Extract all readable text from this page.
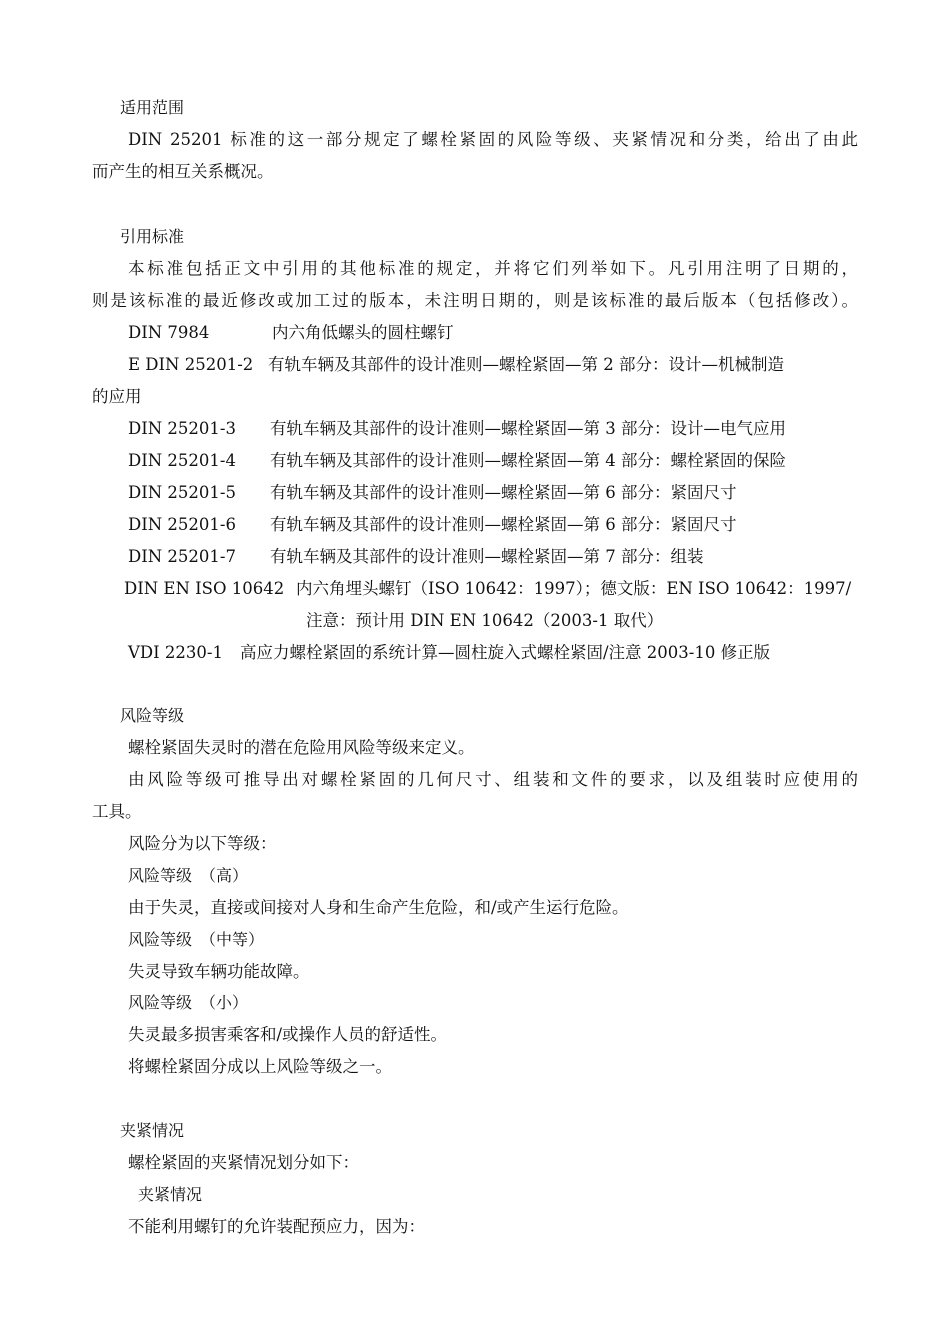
适用范围
DIN 25201 标准的这一部分规定了螺栓紧固的风险等级、夹紧情况和分类，给出了由此
而产生的相互关系概况。
引用标准
本标准包括正文中引用的其他标准的规定，并将它们列举如下。凡引用注明了日期的，
则是该标准的最近修改或加工过的版本，未注明日期的，则是该标准的最后版本（包括修改）。
DIN 7984	内六角低螺头的圆柱螺钉
E DIN 25201-2 有轨车辆及其部件的设计准则—螺栓紧固—第 2 部分：设计—机械制造
的应用
DIN 25201-3 有轨车辆及其部件的设计准则—螺栓紧固—第 3 部分：设计—电气应用
DIN 25201-4 有轨车辆及其部件的设计准则—螺栓紧固—第 4 部分：螺栓紧固的保险
DIN 25201-5 有轨车辆及其部件的设计准则—螺栓紧固—第 6 部分：紧固尺寸
DIN 25201-6 有轨车辆及其部件的设计准则—螺栓紧固—第 6 部分：紧固尺寸
DIN 25201-7 有轨车辆及其部件的设计准则—螺栓紧固—第 7 部分：组装
DIN EN ISO 10642 内六角埋头螺钉（ISO 10642：1997）；德文版：EN ISO 10642：1997/
注意：预计用 DIN EN 10642（2003-1 取代）
VDI 2230-1 高应力螺栓紧固的系统计算—圆柱旋入式螺栓紧固/注意 2003-10 修正版
风险等级
螺栓紧固失灵时的潜在危险用风险等级来定义。
由风险等级可推导出对螺栓紧固的几何尺寸、组装和文件的要求，以及组装时应使用的
工具。
风险分为以下等级：
风险等级　（高）
由于失灵，直接或间接对人身和生命产生危险，和/或产生运行危险。
风险等级　（中等）
失灵导致车辆功能故障。
风险等级　（小）
失灵最多损害乘客和/或操作人员的舒适性。
将螺栓紧固分成以上风险等级之一。
夹紧情况
螺栓紧固的夹紧情况划分如下：
夹紧情况
不能利用螺钉的允许装配预应力，因为：
